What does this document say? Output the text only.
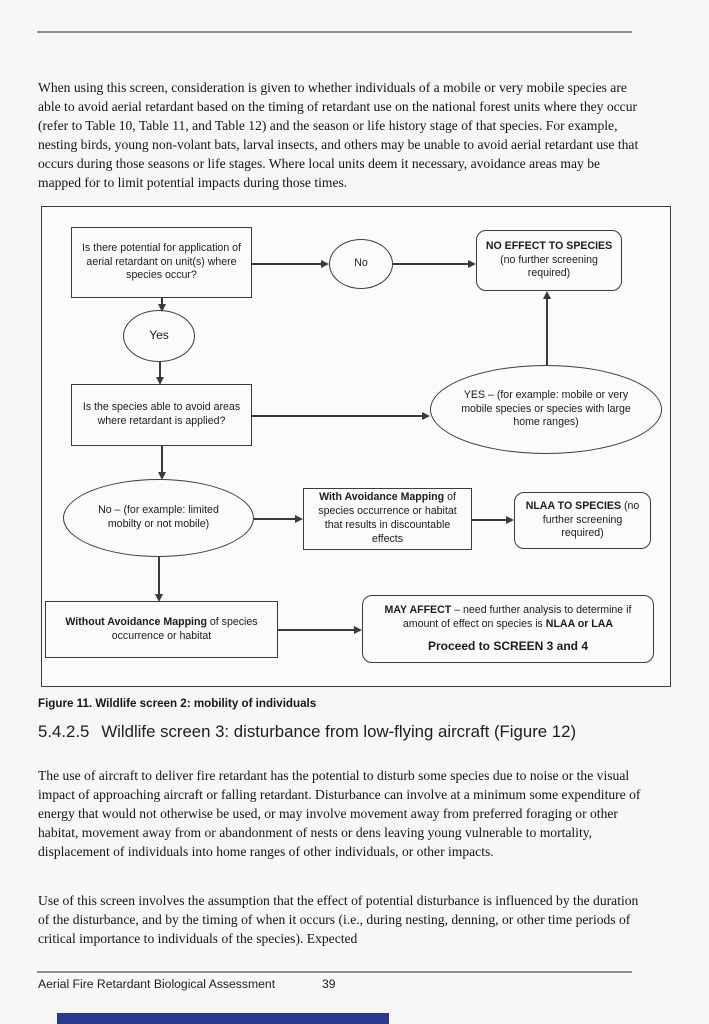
When using this screen, consideration is given to whether individuals of a mobile or very mobile species are able to avoid aerial retardant based on the timing of retardant use on the national forest units where they occur (refer to Table 10, Table 11, and Table 12) and the season or life history stage of that species. For example, nesting birds, young non-volant bats, larval insects, and others may be unable to avoid aerial retardant use that occurs during those seasons or life stages. Where local units deem it necessary, avoidance areas may be mapped for to limit potential impacts during those times.

Is there potential for application of aerial retardant on unit(s) where species occur?
No
NO EFFECT TO SPECIES (no further screening required)
Yes
Is the species able to avoid areas where retardant is applied?
YES – (for example: mobile or very mobile species or species with large home ranges)
No – (for example: limited mobilty or not mobile)
With Avoidance Mapping of species occurrence or habitat that results in discountable effects
NLAA TO SPECIES (no further screening required)
Without Avoidance Mapping of species occurrence or habitat
MAY AFFECT – need further analysis to determine if amount of effect on species is NLAA or LAA
Proceed to SCREEN 3 and 4
Figure 11. Wildlife screen 2: mobility of individuals
5.4.2.5 Wildlife screen 3: disturbance from low-flying aircraft (Figure 12)

The use of aircraft to deliver fire retardant has the potential to disturb some species due to noise or the visual impact of approaching aircraft or falling retardant. Disturbance can involve at a minimum some expenditure of energy that would not otherwise be used, or may involve movement away from preferred foraging or other habitat, movement away from or abandonment of nests or dens leaving young vulnerable to mortality, displacement of individuals into home ranges of other individuals, or other impacts.

Use of this screen involves the assumption that the effect of potential disturbance is influenced by the duration of the disturbance, and by the timing of when it occurs (i.e., during nesting, denning, or other time periods of critical importance to individuals of the species). Expected

Aerial Fire Retardant Biological Assessment	39
